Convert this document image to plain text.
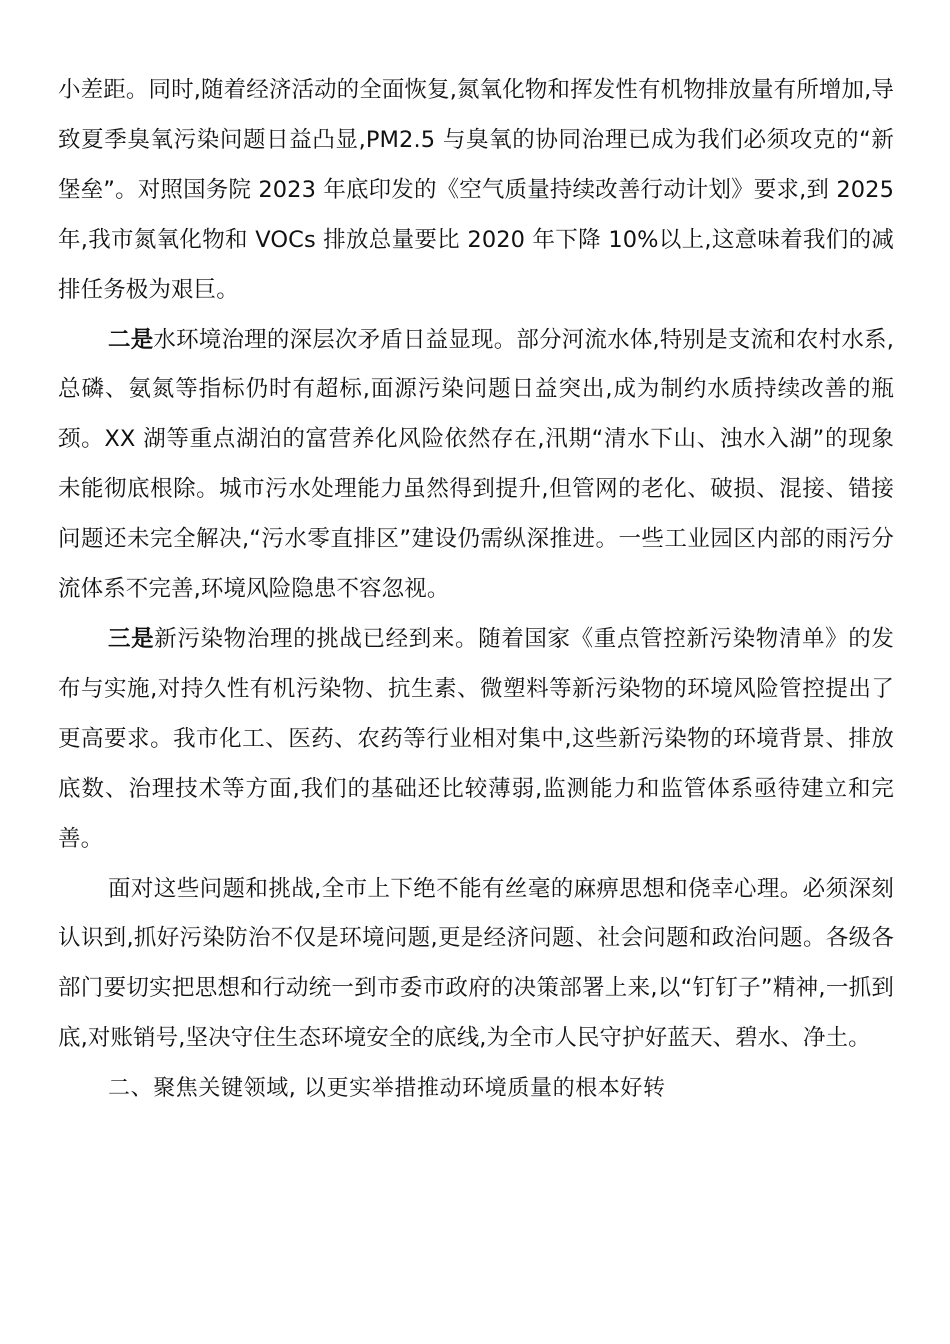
小差距。同时,随着经济活动的全面恢复,氮氧化物和挥发性有机物排放量有所增加,导致夏季臭氧污染问题日益凸显,PM2.5 与臭氧的协同治理已成为我们必须攻克的“新堡垒”。对照国务院 2023 年底印发的《空气质量持续改善行动计划》要求,到 2025 年,我市氮氧化物和 VOCs 排放总量要比 2020 年下降 10%以上,这意味着我们的减排任务极为艰巨。

二是水环境治理的深层次矛盾日益显现。部分河流水体,特别是支流和农村水系,总磷、氨氮等指标仍时有超标,面源污染问题日益突出,成为制约水质持续改善的瓶颈。XX 湖等重点湖泊的富营养化风险依然存在,汛期“清水下山、浊水入湖”的现象未能彻底根除。城市污水处理能力虽然得到提升,但管网的老化、破损、混接、错接问题还未完全解决,“污水零直排区”建设仍需纵深推进。一些工业园区内部的雨污分流体系不完善,环境风险隐患不容忽视。

三是新污染物治理的挑战已经到来。随着国家《重点管控新污染物清单》的发布与实施,对持久性有机污染物、抗生素、微塑料等新污染物的环境风险管控提出了更高要求。我市化工、医药、农药等行业相对集中,这些新污染物的环境背景、排放底数、治理技术等方面,我们的基础还比较薄弱,监测能力和监管体系亟待建立和完善。

面对这些问题和挑战,全市上下绝不能有丝毫的麻痹思想和侥幸心理。必须深刻认识到,抓好污染防治不仅是环境问题,更是经济问题、社会问题和政治问题。各级各部门要切实把思想和行动统一到市委市政府的决策部署上来,以“钉钉子”精神,一抓到底,对账销号,坚决守住生态环境安全的底线,为全市人民守护好蓝天、碧水、净土。

二、聚焦关键领域, 以更实举措推动环境质量的根本好转
